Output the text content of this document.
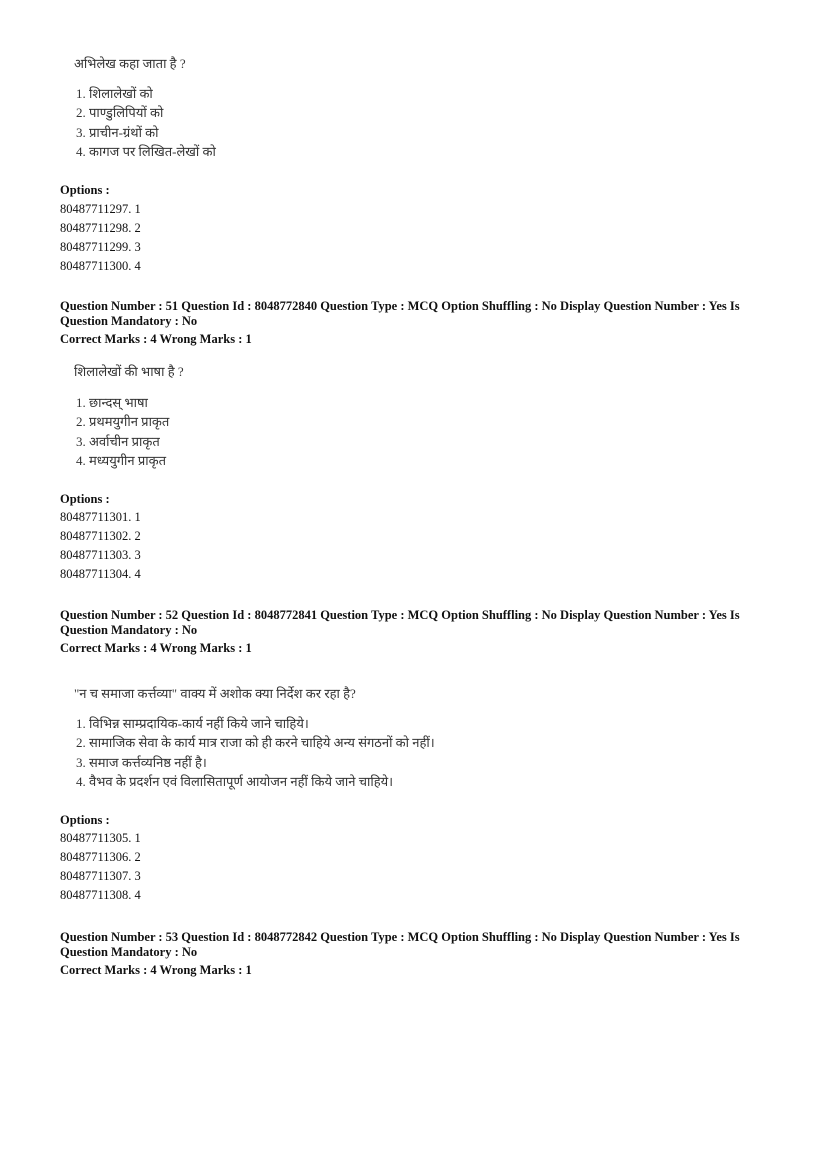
अभिलेख कहा जाता है ?
1. शिलालेखों को
2. पाण्डुलिपियों को
3. प्राचीन-ग्रंथों को
4. कागज पर लिखित-लेखों को
Options :
80487711297. 1
80487711298. 2
80487711299. 3
80487711300. 4
Question Number : 51 Question Id : 8048772840 Question Type : MCQ Option Shuffling : No Display Question Number : Yes Is Question Mandatory : No
Correct Marks : 4 Wrong Marks : 1
शिलालेखों की भाषा है ?
1. छान्दस् भाषा
2. प्रथमयुगीन प्राकृत
3. अर्वाचीन प्राकृत
4. मध्ययुगीन प्राकृत
Options :
80487711301. 1
80487711302. 2
80487711303. 3
80487711304. 4
Question Number : 52 Question Id : 8048772841 Question Type : MCQ Option Shuffling : No Display Question Number : Yes Is Question Mandatory : No
Correct Marks : 4 Wrong Marks : 1
"न च समाजा कर्त्तव्या" वाक्य में अशोक क्या निर्देश कर रहा है?
1. विभिन्न साम्प्रदायिक-कार्य नहीं किये जाने चाहिये।
2. सामाजिक सेवा के कार्य मात्र राजा को ही करने चाहिये अन्य संगठनों को नहीं।
3. समाज कर्त्तव्यनिष्ठ नहीं है।
4. वैभव के प्रदर्शन एवं विलासितापूर्ण आयोजन नहीं किये जाने चाहिये।
Options :
80487711305. 1
80487711306. 2
80487711307. 3
80487711308. 4
Question Number : 53 Question Id : 8048772842 Question Type : MCQ Option Shuffling : No Display Question Number : Yes Is Question Mandatory : No
Correct Marks : 4 Wrong Marks : 1
